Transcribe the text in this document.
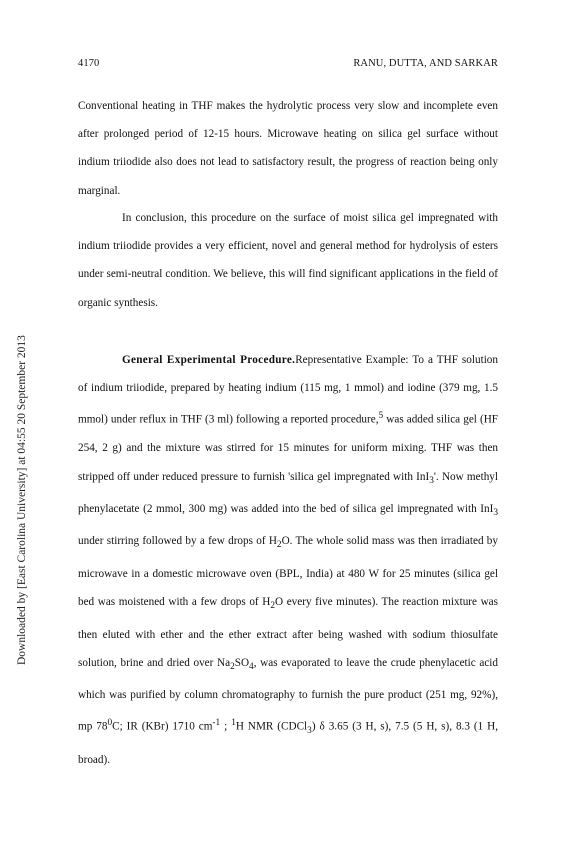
4170	RANU, DUTTA, AND SARKAR
Downloaded by [East Carolina University] at 04:55 20 September 2013

Conventional heating in THF makes the hydrolytic process very slow and incomplete even after prolonged period of 12-15 hours. Microwave heating on silica gel surface without indium triiodide also does not lead to satisfactory result, the progress of reaction being only marginal.

In conclusion, this procedure on the surface of moist silica gel impregnated with indium triiodide provides a very efficient, novel and general method for hydrolysis of esters under semi-neutral condition. We believe, this will find significant applications in the field of organic synthesis.

General Experimental Procedure.Representative Example: To a THF solution of indium triiodide, prepared by heating indium (115 mg, 1 mmol) and iodine (379 mg, 1.5 mmol) under reflux in THF (3 ml) following a reported procedure,$^5$ was added silica gel (HF 254, 2 g) and the mixture was stirred for 15 minutes for uniform mixing. THF was then stripped off under reduced pressure to furnish 'silica gel impregnated with InI$_3$'. Now methyl phenylacetate (2 mmol, 300 mg) was added into the bed of silica gel impregnated with InI$_3$ under stirring followed by a few drops of $H_2O$. The whole solid mass was then irradiated by microwave in a domestic microwave oven (BPL, India) at 480 W for 25 minutes (silica gel bed was moistened with a few drops of $H_2O$ every five minutes). The reaction mixture was then eluted with ether and the ether extract after being washed with sodium thiosulfate solution, brine and dried over $Na_2SO_4$, was evaporated to leave the crude phenylacetic acid which was purified by column chromatography to furnish the pure product (251 mg, 92%), mp $78^0C$; IR (KBr) 1710 $cm^{-1}$ ; $^1$H NMR (CDCl$_3$) δ 3.65 (3 H, s), 7.5 (5 H, s), 8.3 (1 H, broad).
